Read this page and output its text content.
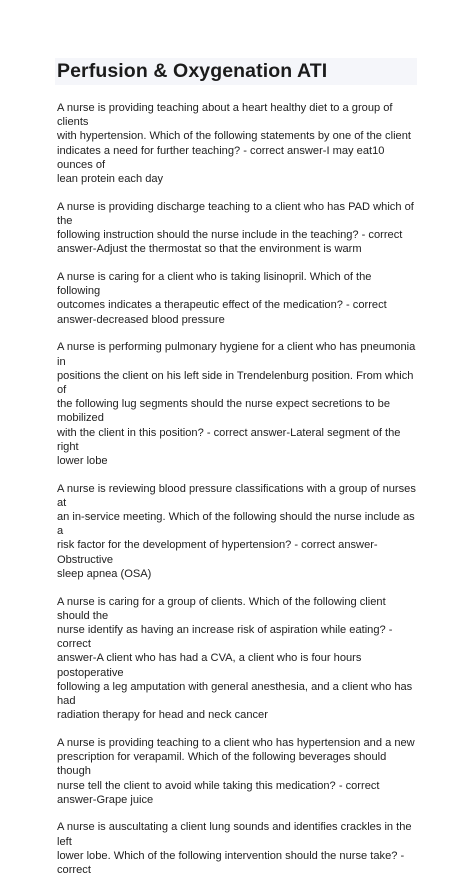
Perfusion & Oxygenation ATI

A nurse is providing teaching about a heart healthy diet to a group of clients
with hypertension. Which of the following statements by one of the client
indicates a need for further teaching? - correct answer-I may eat10 ounces of
lean protein each day

A nurse is providing discharge teaching to a client who has PAD which of the
following instruction should the nurse include in the teaching? - correct
answer-Adjust the thermostat so that the environment is warm

A nurse is caring for a client who is taking lisinopril. Which of the following
outcomes indicates a therapeutic effect of the medication? - correct
answer-decreased blood pressure

A nurse is performing pulmonary hygiene for a client who has pneumonia in
positions the client on his left side in Trendelenburg position. From which of
the following lug segments should the nurse expect secretions to be mobilized
with the client in this position? - correct answer-Lateral segment of the right
lower lobe

A nurse is reviewing blood pressure classifications with a group of nurses at
an in-service meeting. Which of the following should the nurse include as a
risk factor for the development of hypertension? - correct answer-Obstructive
sleep apnea (OSA)

A nurse is caring for a group of clients. Which of the following client should the
nurse identify as having an increase risk of aspiration while eating? - correct
answer-A client who has had a CVA, a client who is four hours postoperative
following a leg amputation with general anesthesia, and a client who has had
radiation therapy for head and neck cancer

A nurse is providing teaching to a client who has hypertension and a new
prescription for verapamil. Which of the following beverages should though
nurse tell the client to avoid while taking this medication? - correct
answer-Grape juice

A nurse is auscultating a client lung sounds and identifies crackles in the left
lower lobe. Which of the following intervention should the nurse take? - correct
